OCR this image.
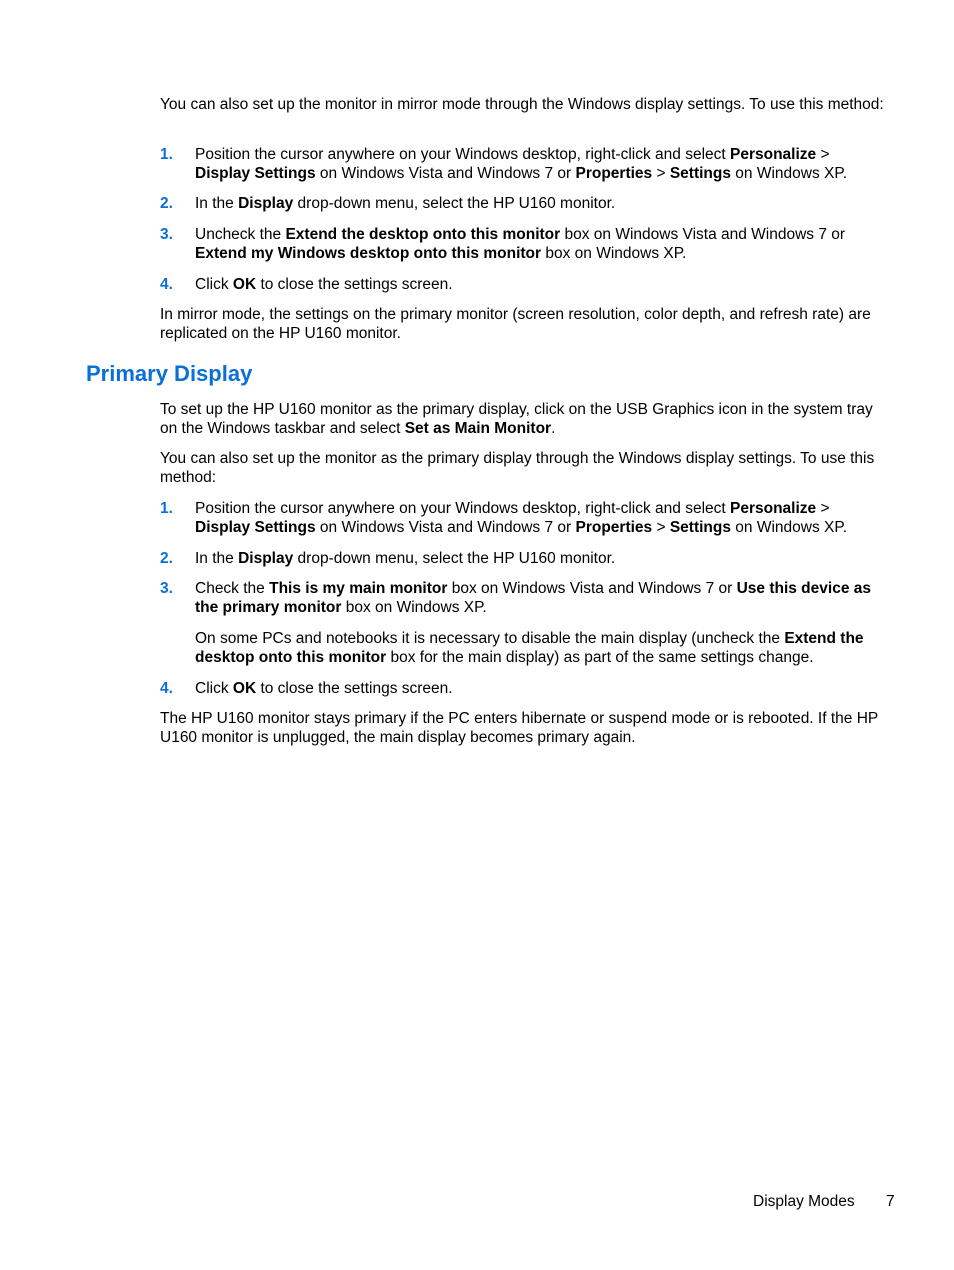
You can also set up the monitor in mirror mode through the Windows display settings. To use this method:

1.	Position the cursor anywhere on your Windows desktop, right-click and select Personalize > Display Settings on Windows Vista and Windows 7 or Properties > Settings on Windows XP.
2.	In the Display drop-down menu, select the HP U160 monitor.
3.	Uncheck the Extend the desktop onto this monitor box on Windows Vista and Windows 7 or Extend my Windows desktop onto this monitor box on Windows XP.
4.	Click OK to close the settings screen.

In mirror mode, the settings on the primary monitor (screen resolution, color depth, and refresh rate) are replicated on the HP U160 monitor.

Primary Display

To set up the HP U160 monitor as the primary display, click on the USB Graphics icon in the system tray on the Windows taskbar and select Set as Main Monitor.

You can also set up the monitor as the primary display through the Windows display settings. To use this method:

1.	Position the cursor anywhere on your Windows desktop, right-click and select Personalize > Display Settings on Windows Vista and Windows 7 or Properties > Settings on Windows XP.
2.	In the Display drop-down menu, select the HP U160 monitor.
3.	Check the This is my main monitor box on Windows Vista and Windows 7 or Use this device as the primary monitor box on Windows XP.

On some PCs and notebooks it is necessary to disable the main display (uncheck the Extend the desktop onto this monitor box for the main display) as part of the same settings change.

4.	Click OK to close the settings screen.

The HP U160 monitor stays primary if the PC enters hibernate or suspend mode or is rebooted. If the HP U160 monitor is unplugged, the main display becomes primary again.

Display Modes 7
